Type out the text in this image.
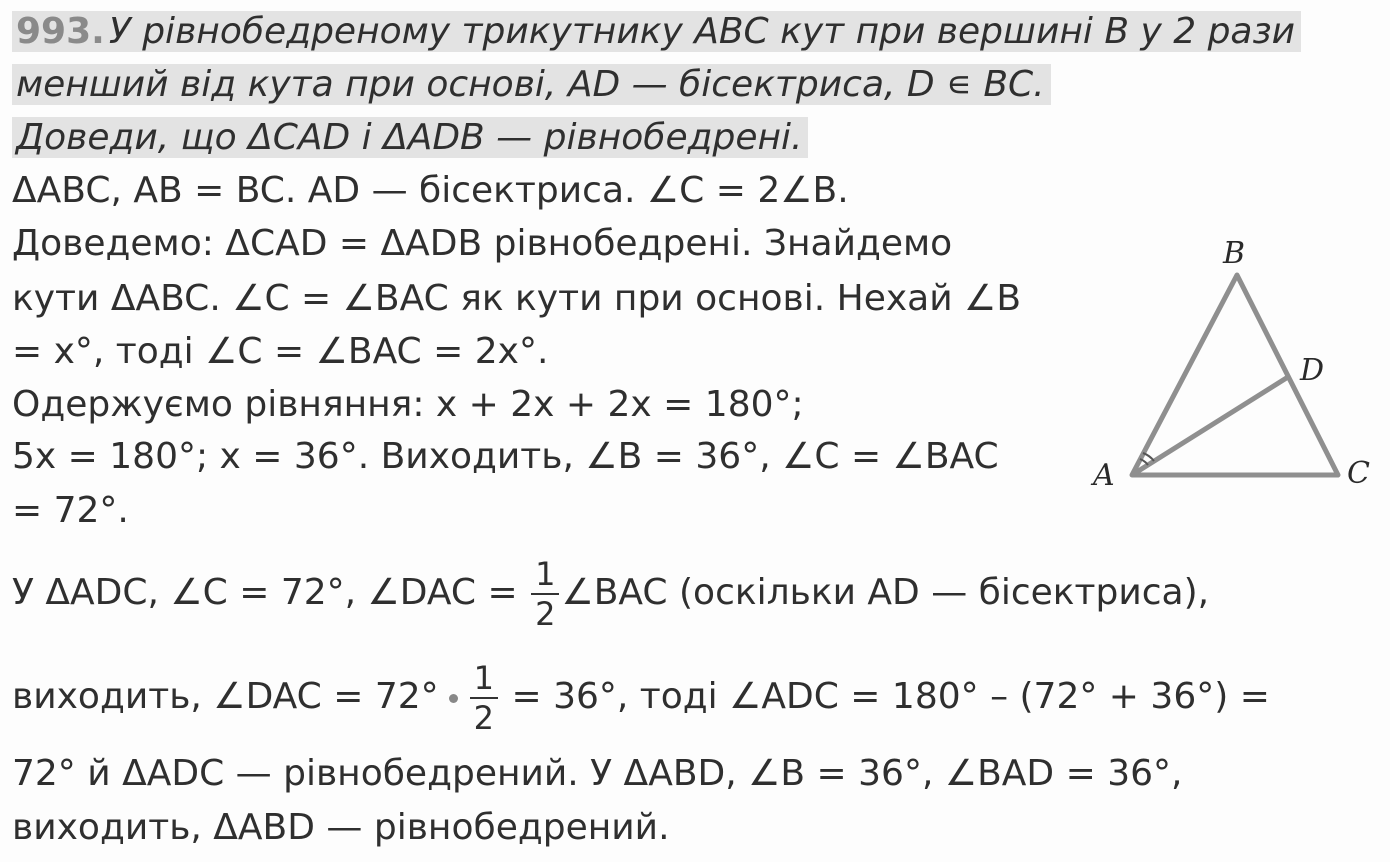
993. У рівнобедреному трикутнику ABC кут при вершині B у 2 рази
менший від кута при основі, AD — бісектриса, D ∊ BC.
Доведи, що ΔCAD і ΔADB — рівнобедрені.
ΔABC, AB = BC. AD — бісектриса. ∠C = 2∠B.
Доведемо: ΔCAD = ΔADB рівнобедрені. Знайдемо
кути ΔABC. ∠C = ∠BAC як кути при основі. Нехай ∠B
= x°, тоді ∠C = ∠BAC = 2x°.
Одержуємо рівняння: x + 2x + 2x = 180°;
5x = 180°; x = 36°. Виходить, ∠B = 36°, ∠C = ∠BAC
= 72°.
У ΔADC, ∠C = 72°, ∠DAC = $\frac{1}{2}$ ∠BAC (оскільки AD — бісектриса),
виходить, ∠DAC = $72^\circ \frac{1}{2} = 36^\circ$, тоді ∠ADC = 180° – (72° + 36°) =
72° й ΔADC — рівнобедрений. У ΔABD, ∠B = 36°, ∠BAD = 36°,
виходить, ΔABD — рівнобедрений.
A
B
C
D
